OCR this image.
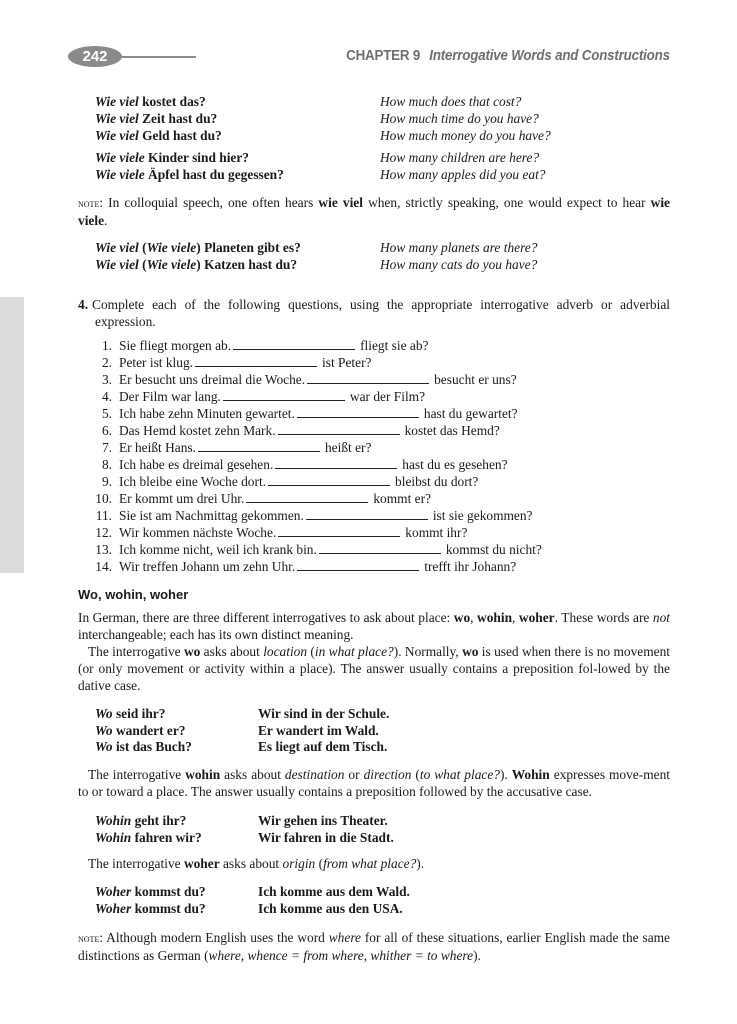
242	CHAPTER 9 Interrogative Words and Constructions
Wie viel kostet das?	How much does that cost?
Wie viel Zeit hast du?	How much time do you have?
Wie viel Geld hast du?	How much money do you have?
Wie viele Kinder sind hier?	How many children are here?
Wie viele Äpfel hast du gegessen?	How many apples did you eat?
note: In colloquial speech, one often hears wie viel when, strictly speaking, one would expect to hear wie viele.
Wie viel (Wie viele) Planeten gibt es?	How many planets are there?
Wie viel (Wie viele) Katzen hast du?	How many cats do you have?
4. Complete each of the following questions, using the appropriate interrogative adverb or adverbial expression.
1. Sie fliegt morgen ab.	fliegt sie ab?
2. Peter ist klug.	ist Peter?
3. Er besucht uns dreimal die Woche.	besucht er uns?
4. Der Film war lang.	war der Film?
5. Ich habe zehn Minuten gewartet.	hast du gewartet?
6. Das Hemd kostet zehn Mark.	kostet das Hemd?
7. Er heißt Hans.	heißt er?
8. Ich habe es dreimal gesehen.	hast du es gesehen?
9. Ich bleibe eine Woche dort.	bleibst du dort?
10. Er kommt um drei Uhr.	kommt er?
11. Sie ist am Nachmittag gekommen.	ist sie gekommen?
12. Wir kommen nächste Woche.	kommt ihr?
13. Ich komme nicht, weil ich krank bin.	kommst du nicht?
14. Wir treffen Johann um zehn Uhr.	trefft ihr Johann?
Wo, wohin, woher
In German, there are three different interrogatives to ask about place: wo, wohin, woher. These words are not interchangeable; each has its own distinct meaning.
The interrogative wo asks about location (in what place?). Normally, wo is used when there is no movement (or only movement or activity within a place). The answer usually contains a preposition fol-lowed by the dative case.
Wo seid ihr?	Wir sind in der Schule.
Wo wandert er?	Er wandert im Wald.
Wo ist das Buch?	Es liegt auf dem Tisch.
The interrogative wohin asks about destination or direction (to what place?). Wohin expresses move-ment to or toward a place. The answer usually contains a preposition followed by the accusative case.
Wohin geht ihr?	Wir gehen ins Theater.
Wohin fahren wir?	Wir fahren in die Stadt.
The interrogative woher asks about origin (from what place?).
Woher kommst du?	Ich komme aus dem Wald.
Woher kommst du?	Ich komme aus den USA.
note: Although modern English uses the word where for all of these situations, earlier English made the same distinctions as German (where, whence = from where, whither = to where).
